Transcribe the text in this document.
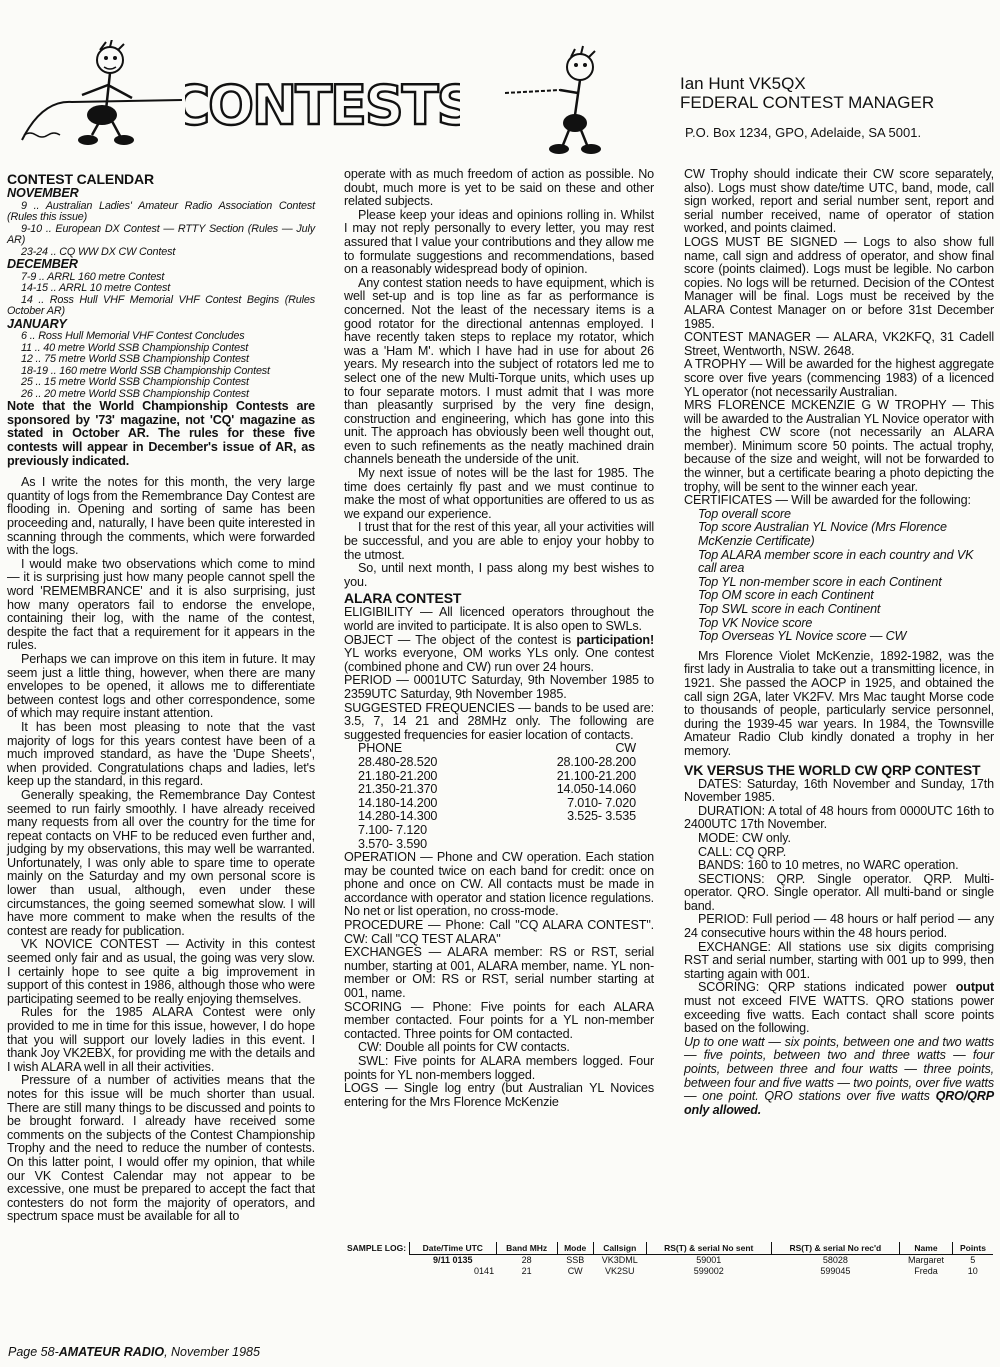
CONTESTS	Ian Hunt VK5QX
FEDERAL CONTEST MANAGER
P.O. Box 1234, GPO, Adelaide, SA 5001.
CONTEST CALENDAR
NOVEMBER

9 .. Australian Ladies' Amateur Radio Association Contest (Rules this issue)

9-10 .. European DX Contest — RTTY Section (Rules — July AR)

23-24 .. CQ WW DX CW Contest

DECEMBER

7-9 .. ARRL 160 metre Contest

14-15 .. ARRL 10 metre Contest

14 .. Ross Hull VHF Memorial VHF Contest Begins (Rules October AR)

JANUARY

6 .. Ross Hull Memorial VHF Contest Concludes

11 .. 40 metre World SSB Championship Contest

12 .. 75 metre World SSB Championship Contest

18-19 .. 160 metre World SSB Championship Contest

25 .. 15 metre World SSB Championship Contest

26 .. 20 metre World SSB Championship Contest

Note that the World Championship Contests are sponsored by '73' magazine, not 'CQ' magazine as stated in October AR. The rules for these five contests will appear in December's issue of AR, as previously indicated.

As I write the notes for this month, the very large quantity of logs from the Remembrance Day Contest are flooding in. Opening and sorting of same has been proceeding and, naturally, I have been quite interested in scanning through the comments, which were forwarded with the logs.

I would make two observations which come to mind — it is surprising just how many people cannot spell the word 'REMEMBRANCE' and it is also surprising, just how many operators fail to endorse the envelope, containing their log, with the name of the contest, despite the fact that a requirement for it appears in the rules.

Perhaps we can improve on this item in future. It may seem just a little thing, however, when there are many envelopes to be opened, it allows me to differentiate between contest logs and other correspondence, some of which may require instant attention.

It has been most pleasing to note that the vast majority of logs for this years contest have been of a much improved standard, as have the 'Dupe Sheets', when provided. Congratulations chaps and ladies, let's keep up the standard, in this regard.

Generally speaking, the Remembrance Day Contest seemed to run fairly smoothly. I have already received many requests from all over the country for the time for repeat contacts on VHF to be reduced even further and, judging by my observations, this may well be warranted. Unfortunately, I was only able to spare time to operate mainly on the Saturday and my own personal score is lower than usual, although, even under these circumstances, the going seemed somewhat slow. I will have more comment to make when the results of the contest are ready for publication.

VK NOVICE CONTEST — Activity in this contest seemed only fair and as usual, the going was very slow. I certainly hope to see quite a big improvement in support of this contest in 1986, although those who were participating seemed to be really enjoying themselves.

Rules for the 1985 ALARA Contest were only provided to me in time for this issue, however, I do hope that you will support our lovely ladies in this event. I thank Joy VK2EBX, for providing me with the details and I wish ALARA well in all their activities.

Pressure of a number of activities means that the notes for this issue will be much shorter than usual. There are still many things to be discussed and points to be brought forward. I already have received some comments on the subjects of the Contest Championship Trophy and the need to reduce the number of contests. On this latter point, I would offer my opinion, that while our VK Contest Calendar may not appear to be excessive, one must be prepared to accept the fact that contesters do not form the majority of operators, and spectrum space must be available for all to

operate with as much freedom of action as possible. No doubt, much more is yet to be said on these and other related subjects.

Please keep your ideas and opinions rolling in. Whilst I may not reply personally to every letter, you may rest assured that I value your contributions and they allow me to formulate suggestions and recommendations, based on a reasonably widespread body of opinion.

Any contest station needs to have equipment, which is well set-up and is top line as far as performance is concerned. Not the least of the necessary items is a good rotator for the directional antennas employed. I have recently taken steps to replace my rotator, which was a 'Ham M'. which I have had in use for about 26 years. My research into the subject of rotators led me to select one of the new Multi-Torque units, which uses up to four separate motors. I must admit that I was more than pleasantly surprised by the very fine design, construction and engineering, which has gone into this unit. The approach has obviously been well thought out, even to such refinements as the neatly machined drain channels beneath the underside of the unit.

My next issue of notes will be the last for 1985. The time does certainly fly past and we must continue to make the most of what opportunities are offered to us as we expand our experience.

I trust that for the rest of this year, all your activities will be successful, and you are able to enjoy your hobby to the utmost.

So, until next month, I pass along my best wishes to you.

ALARA CONTEST

ELIGIBILITY — All licenced operators throughout the world are invited to participate. It is also open to SWLs.

OBJECT — The object of the contest is participation! YL works everyone, OM works YLs only. One contest (combined phone and CW) run over 24 hours.

PERIOD — 0001UTC Saturday, 9th November 1985 to 2359UTC Saturday, 9th November 1985.

SUGGESTED FREQUENCIES — bands to be used are: 3.5, 7, 14 21 and 28MHz only. The following are suggested frequencies for easier location of contacts.

PHONE	CW
28.480-28.520	28.100-28.200
21.180-21.200	21.100-21.200
21.350-21.370	14.050-14.060
14.180-14.200	7.010- 7.020
14.280-14.300	3.525- 3.535
7.100- 7.120
3.570- 3.590

OPERATION — Phone and CW operation. Each station may be counted twice on each band for credit: once on phone and once on CW. All contacts must be made in accordance with operator and station licence regulations. No net or list operation, no cross-mode.

PROCEDURE — Phone: Call "CQ ALARA CONTEST". CW: Call "CQ TEST ALARA"

EXCHANGES — ALARA member: RS or RST, serial number, starting at 001, ALARA member, name. YL non-member or OM: RS or RST, serial number starting at 001, name.

SCORING — Phone: Five points for each ALARA member contacted. Four points for a YL non-member contacted. Three points for OM contacted.

CW: Double all points for CW contacts.

SWL: Five points for ALARA members logged. Four points for YL non-members logged.

LOGS — Single log entry (but Australian YL Novices entering for the Mrs Florence McKenzie

CW Trophy should indicate their CW score separately, also). Logs must show date/time UTC, band, mode, call sign worked, report and serial number sent, report and serial number received, name of operator of station worked, and points claimed.

LOGS MUST BE SIGNED — Logs to also show full name, call sign and address of operator, and show final score (points claimed). Logs must be legible. No carbon copies. No logs will be returned. Decision of the COntest Manager will be final. Logs must be received by the ALARA Contest Manager on or before 31st December 1985.

CONTEST MANAGER — ALARA, VK2KFQ, 31 Cadell Street, Wentworth, NSW. 2648.

A TROPHY — Will be awarded for the highest aggregate score over five years (commencing 1983) of a licenced YL operator (not necessarily Australian.

MRS FLORENCE MCKENZIE G W TROPHY — This will be awarded to the Australian YL Novice operator with the highest CW score (not necessarily an ALARA member). Minimum score 50 points. The actual trophy, because of the size and weight, will not be forwarded to the winner, but a certificate bearing a photo depicting the trophy, will be sent to the winner each year.

CERTIFICATES — Will be awarded for the following:

Top overall score
Top score Australian YL Novice (Mrs Florence McKenzie Certificate)
Top ALARA member score in each country and VK call area
Top YL non-member score in each Continent
Top OM score in each Continent
Top SWL score in each Continent
Top VK Novice score
Top Overseas YL Novice score — CW

Mrs Florence Violet McKenzie, 1892-1982, was the first lady in Australia to take out a transmitting licence, in 1921. She passed the AOCP in 1925, and obtained the call sign 2GA, later VK2FV. Mrs Mac taught Morse code to thousands of people, particularly service personnel, during the 1939-45 war years. In 1984, the Townsville Amateur Radio Club kindly donated a trophy in her memory.

VK VERSUS THE WORLD CW QRP CONTEST

DATES: Saturday, 16th November and Sunday, 17th November 1985.

DURATION: A total of 48 hours from 0000UTC 16th to 2400UTC 17th November.

MODE: CW only.

CALL: CQ QRP.

BANDS: 160 to 10 metres, no WARC operation.

SECTIONS: QRP. Single operator. QRP. Multi-operator. QRO. Single operator. All multi-band or single band.

PERIOD: Full period — 48 hours or half period — any 24 consecutive hours within the 48 hours period.

EXCHANGE: All stations use six digits comprising RST and serial number, starting with 001 up to 999, then starting again with 001.

SCORING: QRP stations indicated power output must not exceed FIVE WATTS. QRO stations power exceeding five watts. Each contact shall score points based on the following.

Up to one watt — six points, between one and two watts — five points, between two and three watts — four points, between three and four watts — three points, between four and five watts — two points, over five watts — one point. QRO stations over five watts QRO/QRP only allowed.

SAMPLE LOG:	Date/Time UTC	Band MHz	Mode	Callsign	RS(T) & serial No sent	RS(T) & serial No rec'd	Name	Points
	9/11 0135	28	SSB	VK3DML	59001	58028	Margaret	5
	0141	21	CW	VK2SU	599002	599045	Freda	10
Page 58-AMATEUR RADIO, November 1985
